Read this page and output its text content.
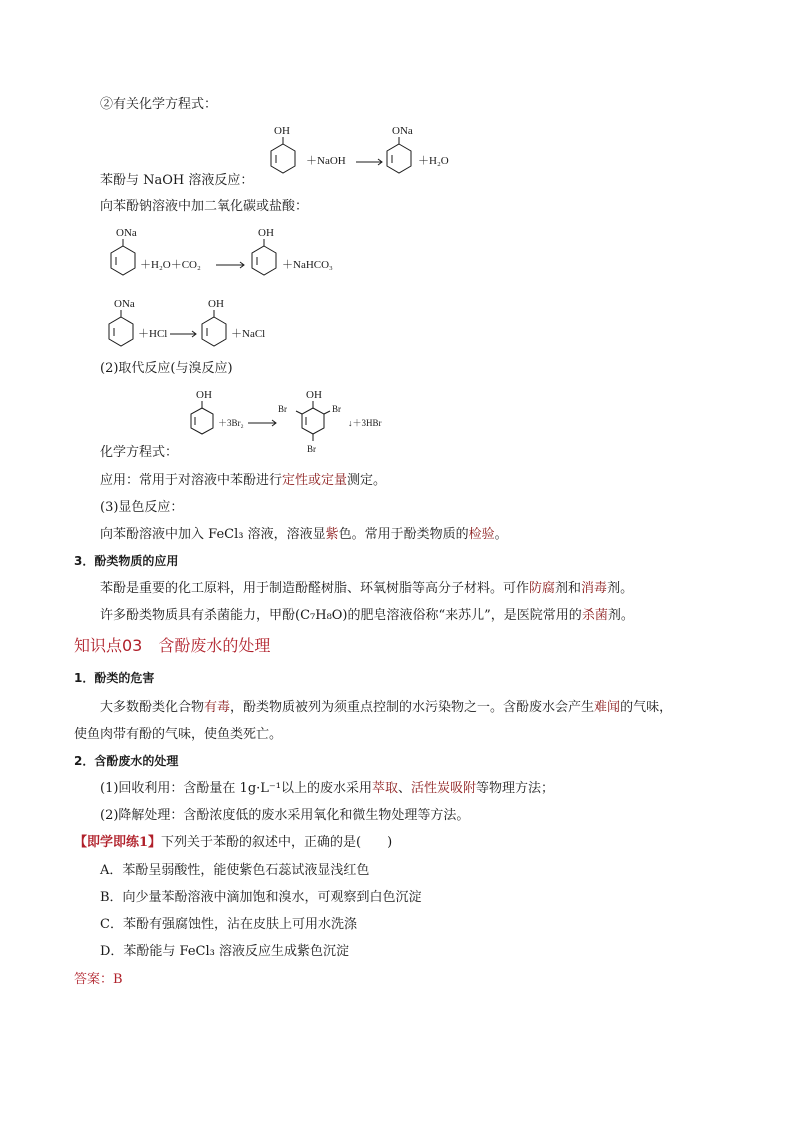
②有关化学方程式：
OH
＋NaOH
ONa
＋H₂O
苯酚与 NaOH 溶液反应：
向苯酚钠溶液中加二氧化碳或盐酸：
ONa
＋H₂O＋CO₂
OH
＋NaHCO₃
ONa
＋HCl
OH
＋NaCl
(2)取代反应(与溴反应)
OH
＋3Br₂
OH
Br	Br
Br
↓＋3HBr
化学方程式：
应用：常用于对溶液中苯酚进行定性或定量测定。
(3)显色反应：
向苯酚溶液中加入 FeCl₃ 溶液，溶液显紫色。常用于酚类物质的检验。
3．酚类物质的应用
苯酚是重要的化工原料，用于制造酚醛树脂、环氧树脂等高分子材料。可作防腐剂和消毒剂。
许多酚类物质具有杀菌能力，甲酚(C₇H₈O)的肥皂溶液俗称“来苏儿”，是医院常用的杀菌剂。
知识点03　含酚废水的处理
1．酚类的危害
大多数酚类化合物有毒，酚类物质被列为须重点控制的水污染物之一。含酚废水会产生难闻的气味，
使鱼肉带有酚的气味，使鱼类死亡。
2．含酚废水的处理
(1)回收利用：含酚量在 1g·L⁻¹以上的废水采用萃取、活性炭吸附等物理方法；
(2)降解处理：含酚浓度低的废水采用氧化和微生物处理等方法。
【即学即练1】下列关于苯酚的叙述中，正确的是(　　)
A．苯酚呈弱酸性，能使紫色石蕊试液显浅红色
B．向少量苯酚溶液中滴加饱和溴水，可观察到白色沉淀
C．苯酚有强腐蚀性，沾在皮肤上可用水洗涤
D．苯酚能与 FeCl₃ 溶液反应生成紫色沉淀
答案：B
